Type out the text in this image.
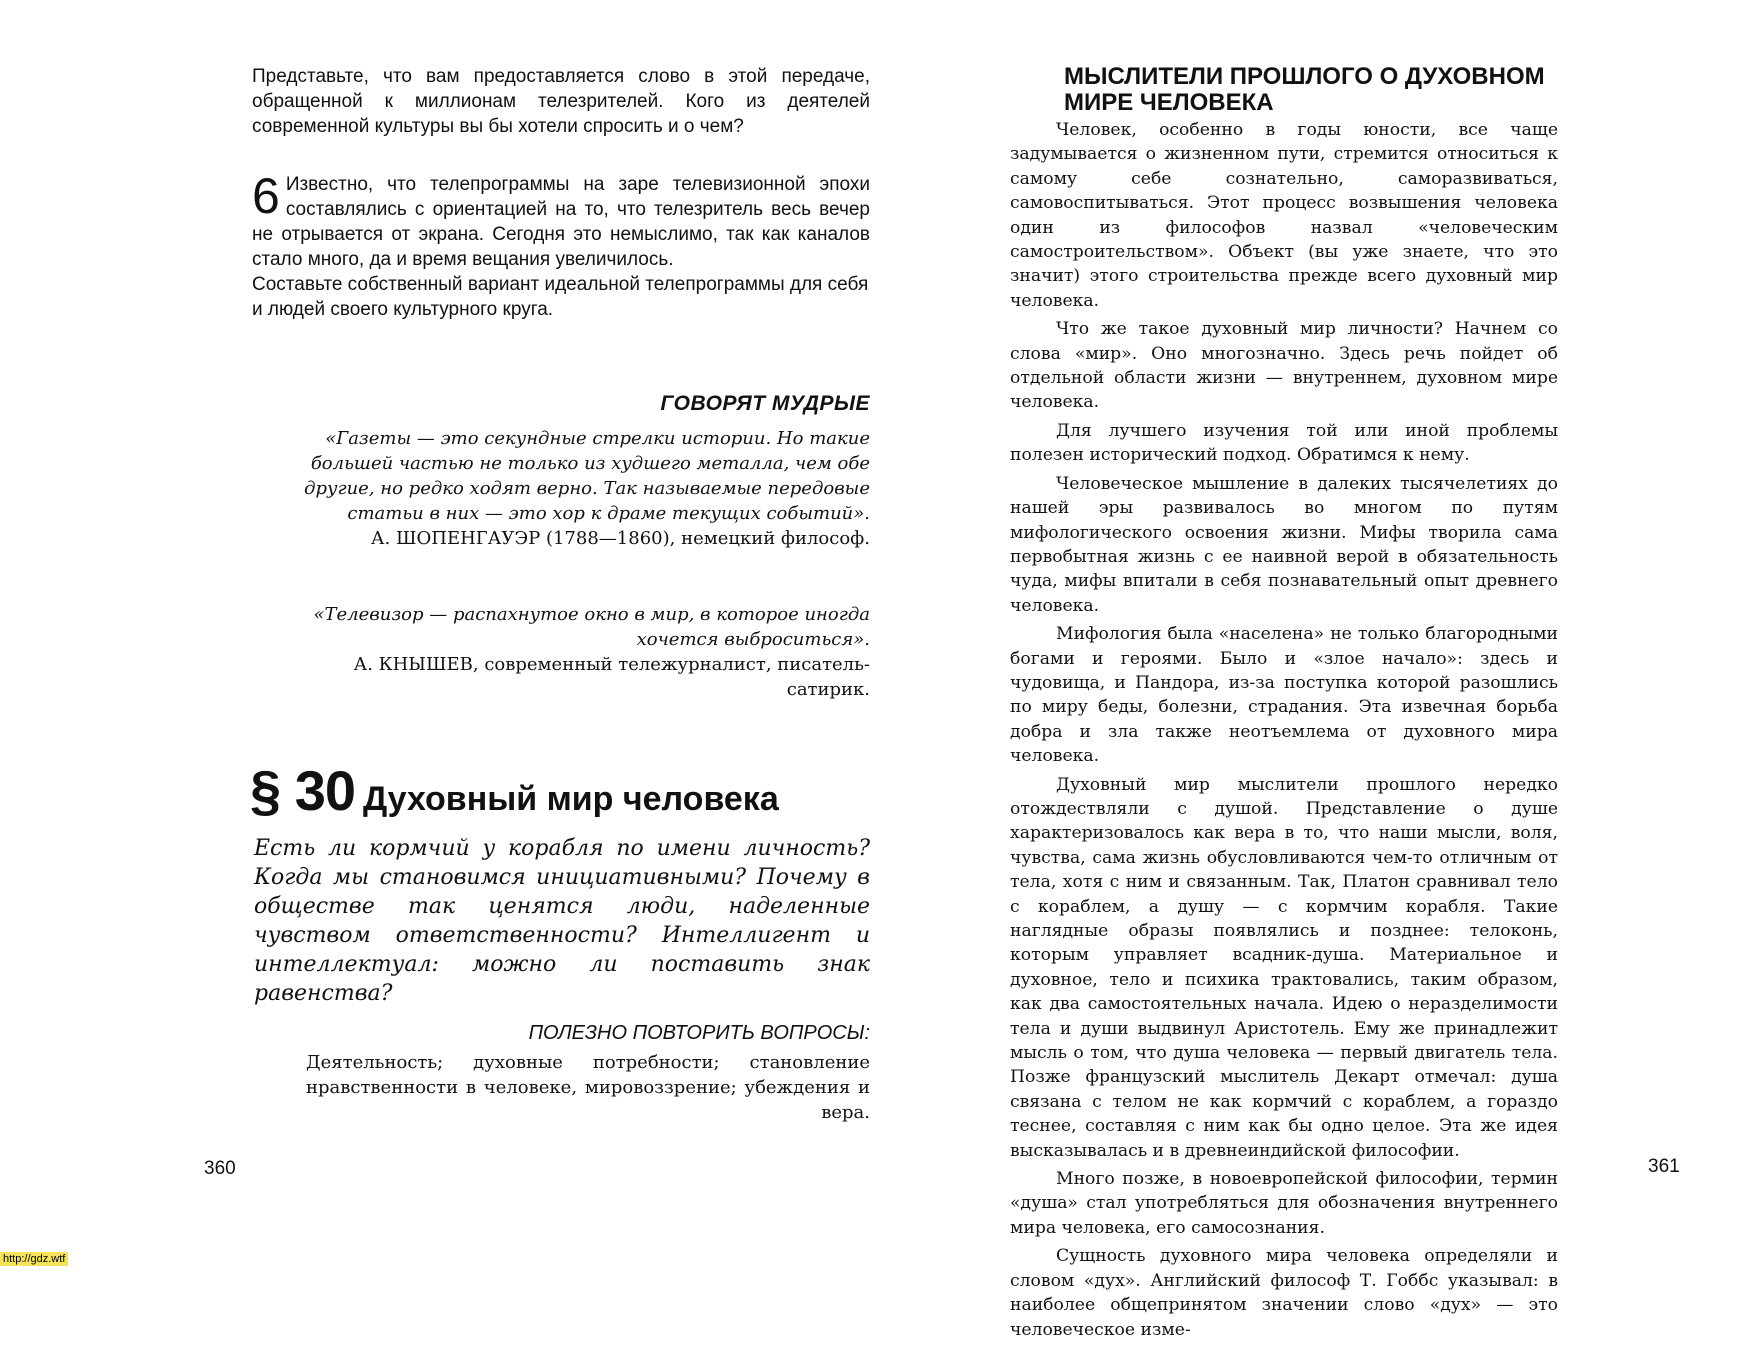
Представьте, что вам предоставляется слово в этой передаче, обращенной к миллионам телезрителей. Кого из деятелей современной культуры вы бы хотели спросить и о чем?

6 Известно, что телепрограммы на заре телевизионной эпохи составлялись с ориентацией на то, что телезритель весь вечер не отрывается от экрана. Сегодня это немыслимо, так как каналов стало много, да и время вещания увеличилось.

Составьте собственный вариант идеальной телепрограммы для себя и людей своего культурного круга.

ГОВОРЯТ МУДРЫЕ

«Газеты — это секундные стрелки истории. Но такие большей частью не только из худшего металла, чем обе другие, но редко ходят верно. Так называемые передовые статьи в них — это хор к драме текущих событий».

А. ШОПЕНГАУЭР (1788—1860), немецкий философ.

«Телевизор — распахнутое окно в мир, в которое иногда хочется выброситься».

А. КНЫШЕВ, современный тележурналист, писатель-сатирик.

§ 30 Духовный мир человека

Есть ли кормчий у корабля по имени личность? Когда мы становимся инициативными? Почему в обществе так ценятся люди, наделенные чувством ответственности? Интеллигент и интеллектуал: можно ли поставить знак равенства?

ПОЛЕЗНО ПОВТОРИТЬ ВОПРОСЫ:

Деятельность; духовные потребности; становление нравственности в человеке, мировоззрение; убеждения и вера.

360

МЫСЛИТЕЛИ ПРОШЛОГО О ДУХОВНОМ МИРЕ ЧЕЛОВЕКА

Человек, особенно в годы юности, все чаще задумывается о жизненном пути, стремится относиться к самому себе сознательно, саморазвиваться, самовоспитываться. Этот процесс возвышения человека один из философов назвал «человеческим самостроительством». Объект (вы уже знаете, что это значит) этого строительства прежде всего духовный мир человека.

Что же такое духовный мир личности? Начнем со слова «мир». Оно многозначно. Здесь речь пойдет об отдельной области жизни — внутреннем, духовном мире человека.

Для лучшего изучения той или иной проблемы полезен исторический подход. Обратимся к нему.

Человеческое мышление в далеких тысячелетиях до нашей эры развивалось во многом по путям мифологического освоения жизни. Мифы творила сама первобытная жизнь с ее наивной верой в обязательность чуда, мифы впитали в себя познавательный опыт древнего человека.

Мифология была «населена» не только благородными богами и героями. Было и «злое начало»: здесь и чудовища, и Пандора, из-за поступка которой разошлись по миру беды, болезни, страдания. Эта извечная борьба добра и зла также неотъемлема от духовного мира человека.

Духовный мир мыслители прошлого нередко отождествляли с душой. Представление о душе характеризовалось как вера в то, что наши мысли, воля, чувства, сама жизнь обусловливаются чем-то отличным от тела, хотя с ним и связанным. Так, Платон сравнивал тело с кораблем, а душу — с кормчим корабля. Такие наглядные образы появлялись и позднее: телоконь, которым управляет всадник-душа. Материальное и духовное, тело и психика трактовались, таким образом, как два самостоятельных начала. Идею о неразделимости тела и души выдвинул Аристотель. Ему же принадлежит мысль о том, что душа человека — первый двигатель тела. Позже французский мыслитель Декарт отмечал: душа связана с телом не как кормчий с кораблем, а гораздо теснее, составляя с ним как бы одно целое. Эта же идея высказывалась и в древнеиндийской философии.

Много позже, в новоевропейской философии, термин «душа» стал употребляться для обозначения внутреннего мира человека, его самосознания.

Сущность духовного мира человека определяли и словом «дух». Английский философ Т. Гоббс указывал: в наиболее общепринятом значении слово «дух» — это человеческое изме-

361

http://gdz.wtf
